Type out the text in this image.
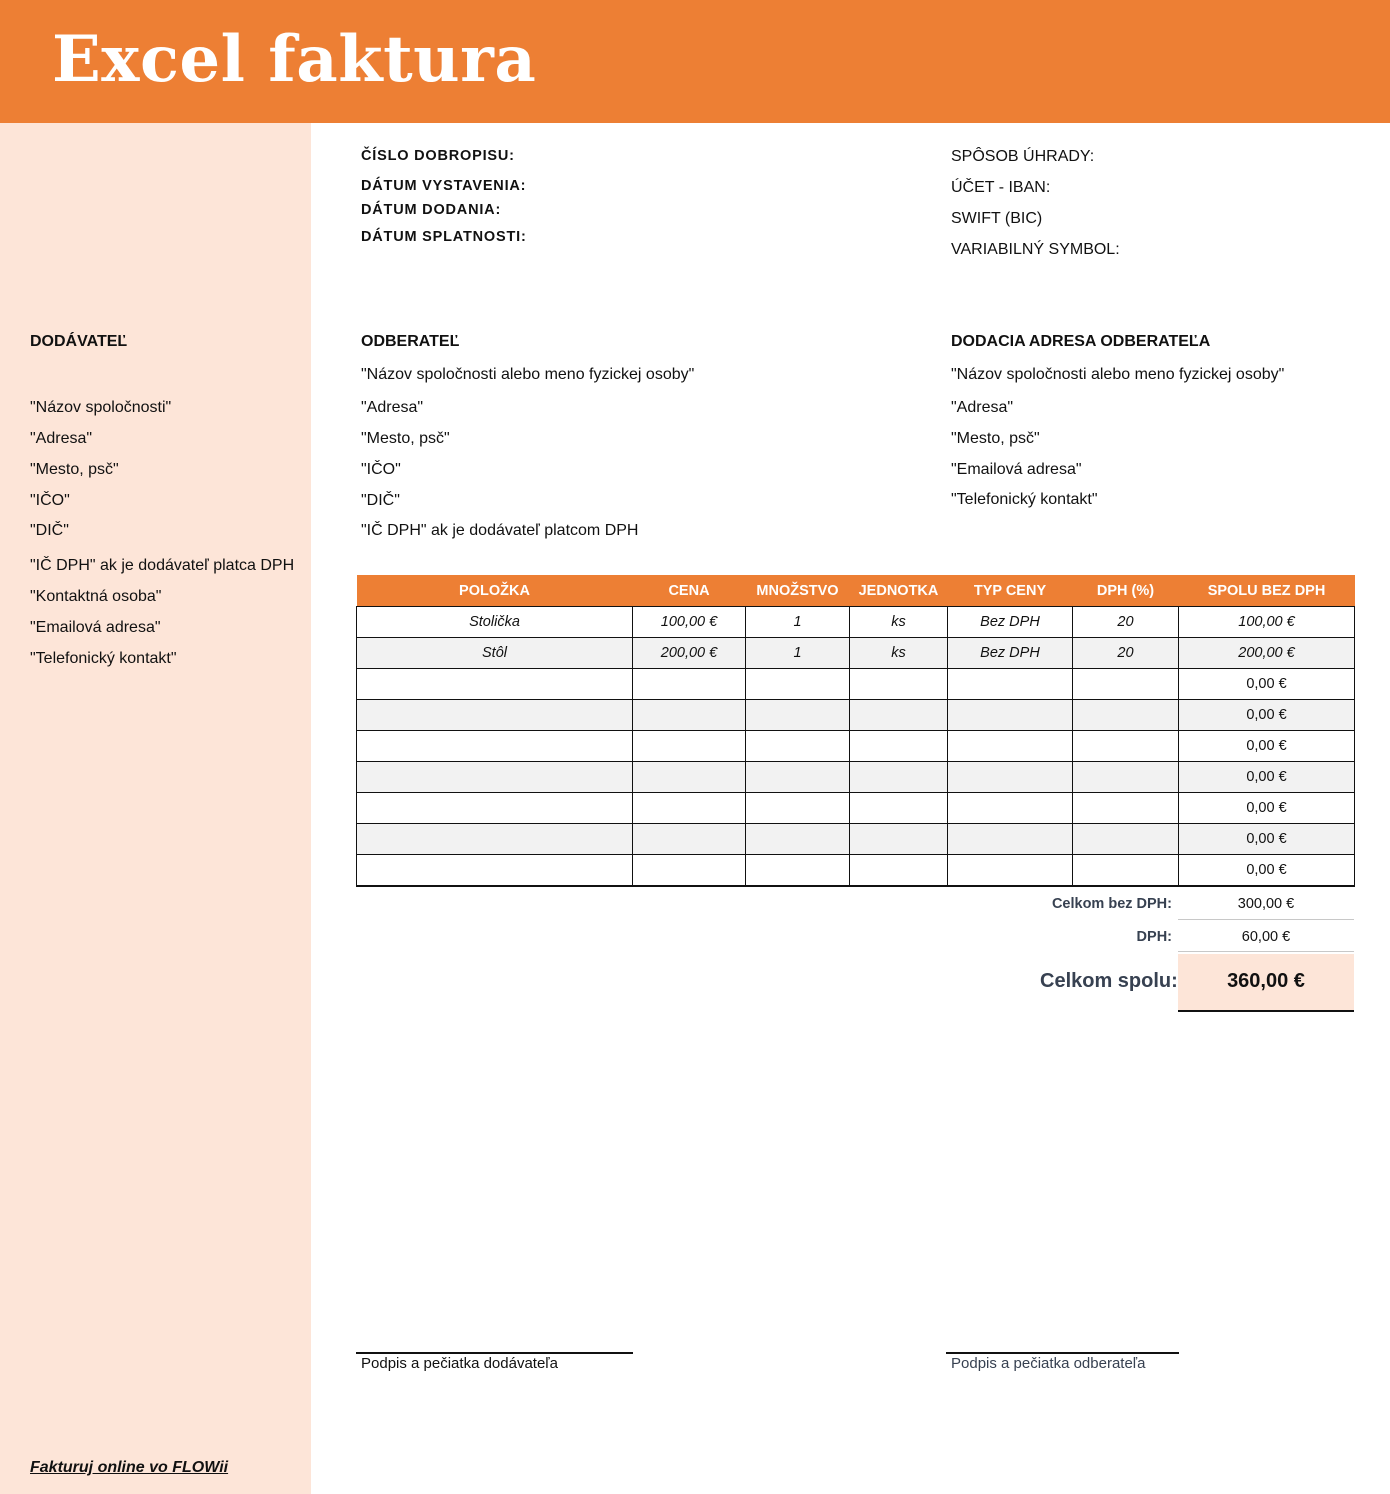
Excel faktura
ČÍSLO DOBROPISU:
DÁTUM VYSTAVENIA:
DÁTUM DODANIA:
DÁTUM SPLATNOSTI:
SPÔSOB ÚHRADY:
ÚČET - IBAN:
SWIFT (BIC)
VARIABILNÝ SYMBOL:
DODÁVATEĽ
"Názov spoločnosti"
"Adresa"
"Mesto, psč"
"IČO"
"DIČ"
"IČ DPH" ak je dodávateľ platca DPH
"Kontaktná osoba"
"Emailová adresa"
"Telefonický kontakt"
ODBERATEĽ
"Názov spoločnosti alebo meno fyzickej osoby"
"Adresa"
"Mesto, psč"
"IČO"
"DIČ"
"IČ DPH" ak je dodávateľ platcom DPH
DODACIA ADRESA ODBERATEĽA
"Názov spoločnosti alebo meno fyzickej osoby"
"Adresa"
"Mesto, psč"
"Emailová adresa"
"Telefonický kontakt"
POLOŽKA	CENA	MNOŽSTVO	JEDNOTKA	TYP CENY	DPH (%)	SPOLU BEZ DPH
Stolička	100,00 €	1	ks	Bez DPH	20	100,00 €
Stôl	200,00 €	1	ks	Bez DPH	20	200,00 €
						0,00 €
						0,00 €
						0,00 €
						0,00 €
						0,00 €
						0,00 €
						0,00 €
Celkom bez DPH:	300,00 €
DPH:	60,00 €
Celkom spolu:	360,00 €
Podpis a pečiatka dodávateľa	Podpis a pečiatka odberateľa
Fakturuj online vo FLOWii
